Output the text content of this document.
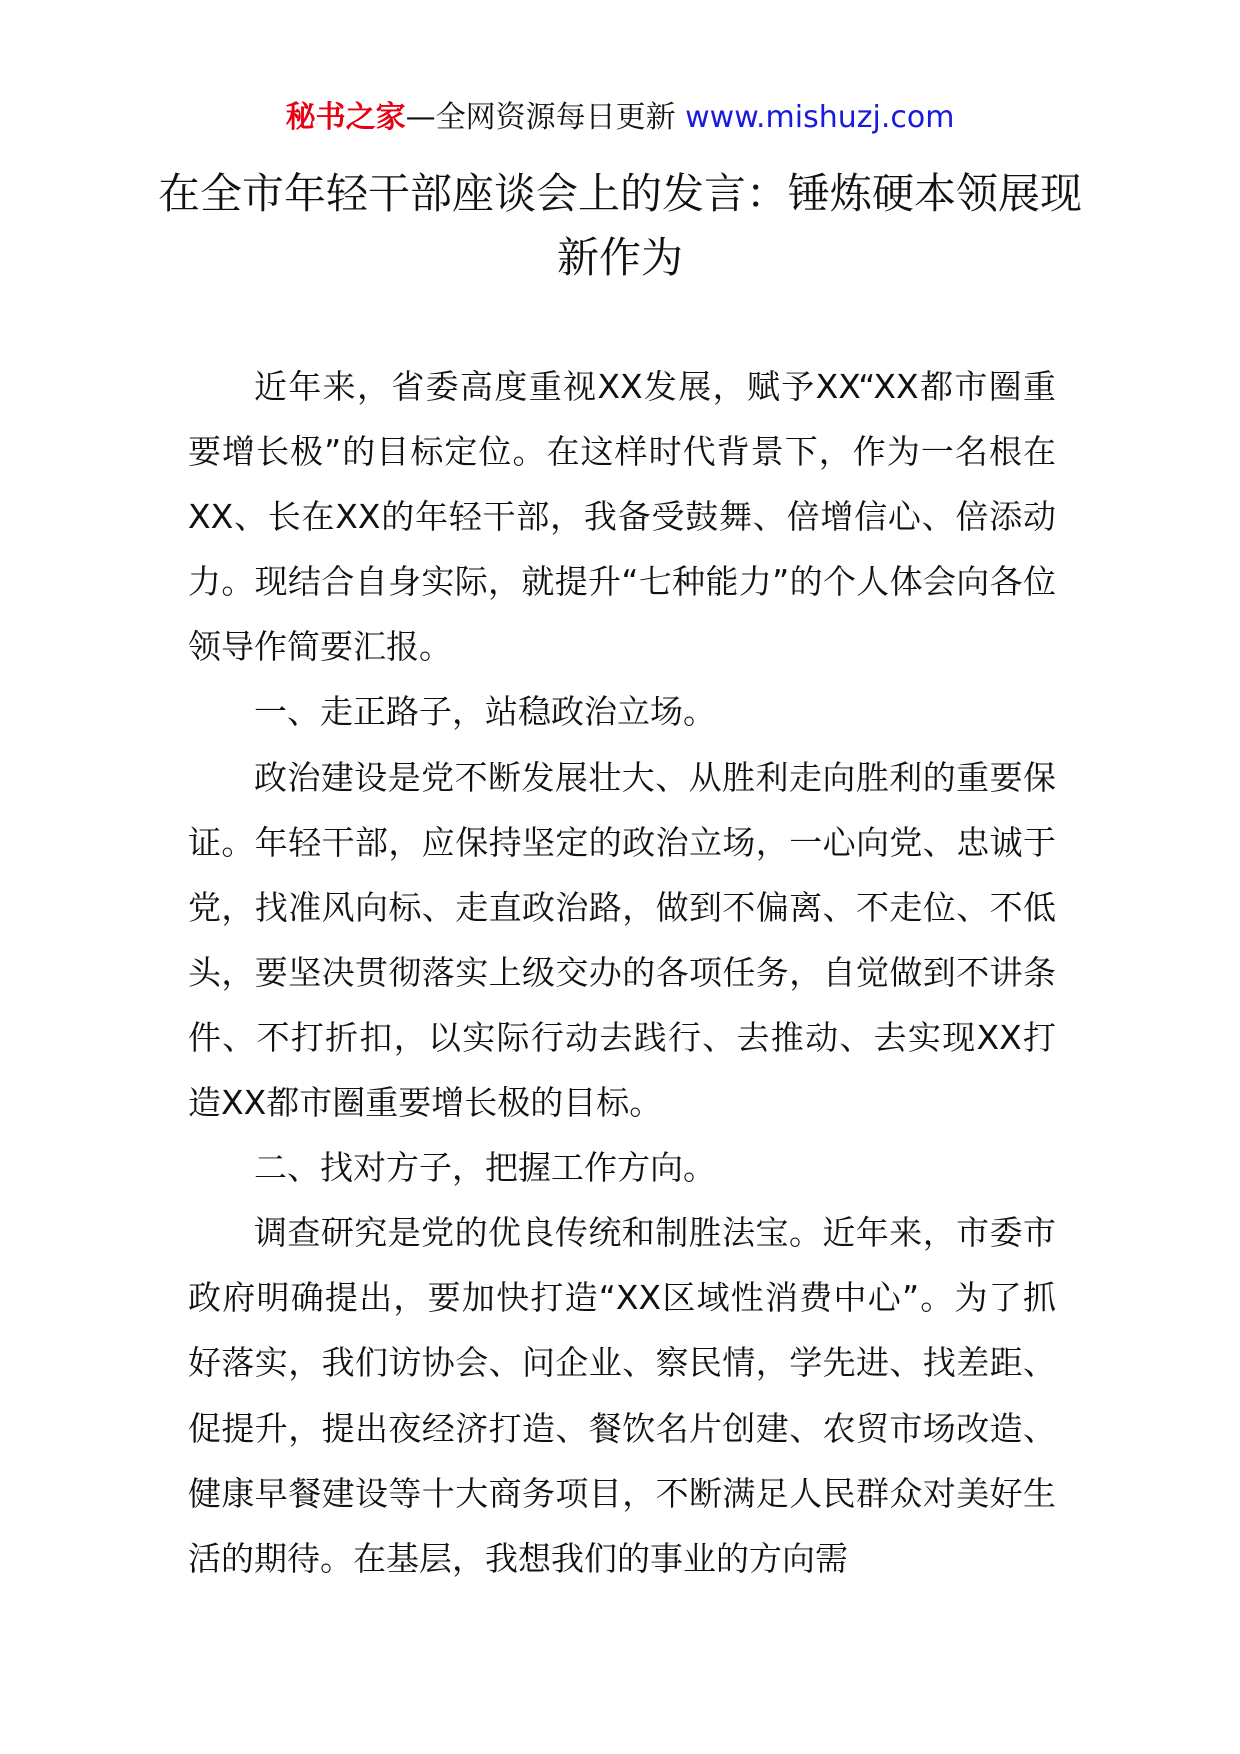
秘书之家—全网资源每日更新 www.mishuzj.com
在全市年轻干部座谈会上的发言：锤炼硬本领展现新作为

近年来，省委高度重视XX发展，赋予XX“XX都市圈重要增长极”的目标定位。在这样时代背景下，作为一名根在XX、长在XX的年轻干部，我备受鼓舞、倍增信心、倍添动力。现结合自身实际，就提升“七种能力”的个人体会向各位领导作简要汇报。

一、走正路子，站稳政治立场。

政治建设是党不断发展壮大、从胜利走向胜利的重要保证。年轻干部，应保持坚定的政治立场，一心向党、忠诚于党，找准风向标、走直政治路，做到不偏离、不走位、不低头，要坚决贯彻落实上级交办的各项任务，自觉做到不讲条件、不打折扣，以实际行动去践行、去推动、去实现XX打造XX都市圈重要增长极的目标。

二、找对方子，把握工作方向。

调查研究是党的优良传统和制胜法宝。近年来，市委市政府明确提出，要加快打造“XX区域性消费中心”。为了抓好落实，我们访协会、问企业、察民情，学先进、找差距、促提升，提出夜经济打造、餐饮名片创建、农贸市场改造、健康早餐建设等十大商务项目，不断满足人民群众对美好生活的期待。在基层，我想我们的事业的方向需
